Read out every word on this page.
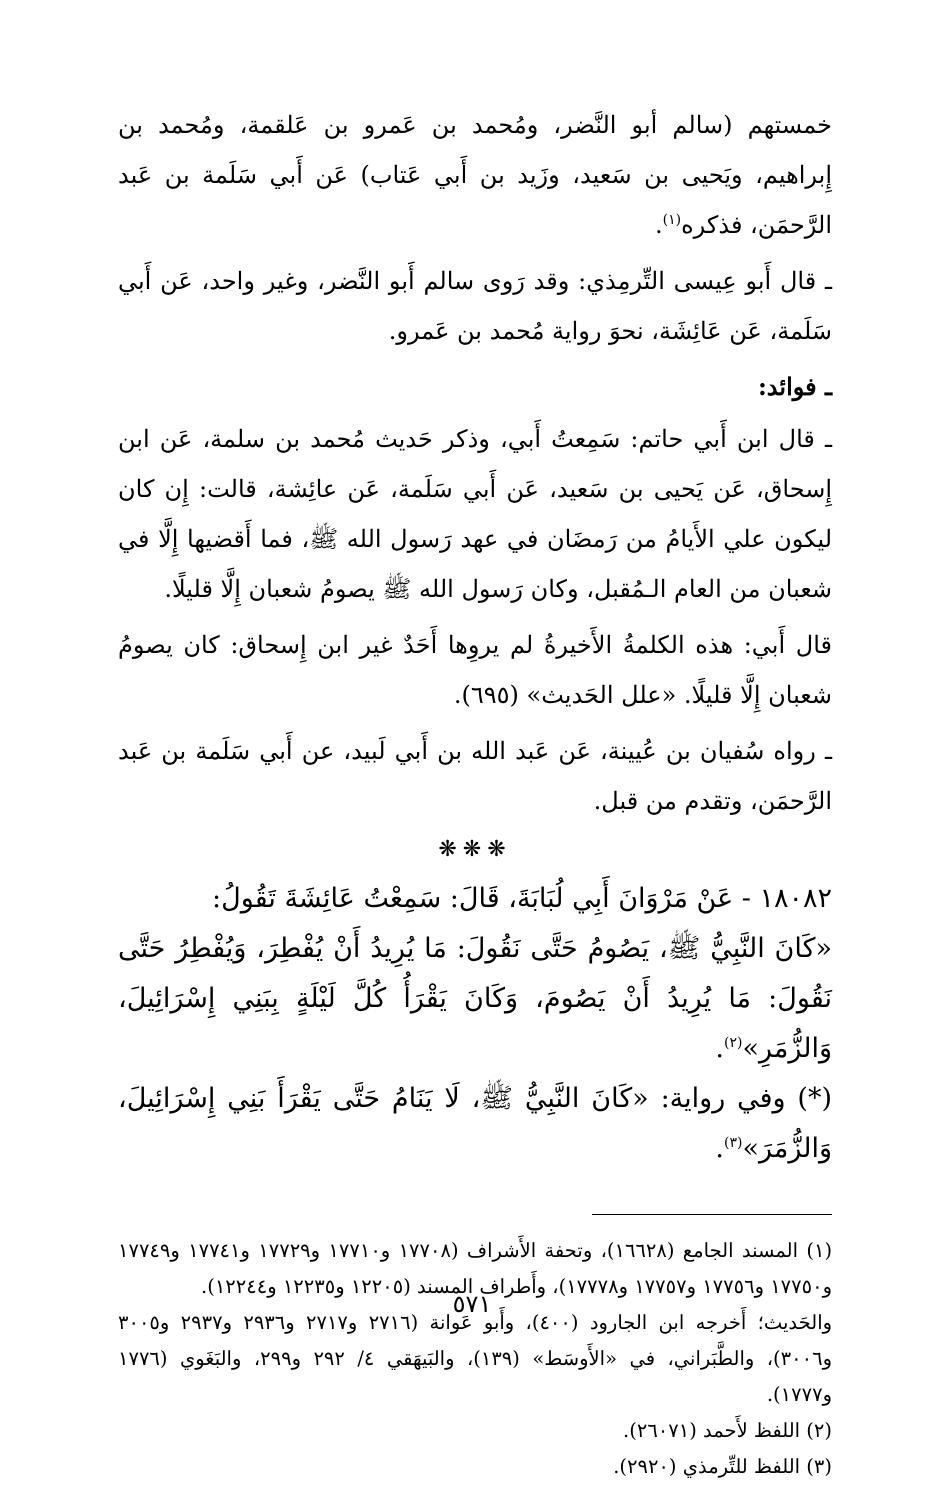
خمستهم (سالم أبو النَّضر، ومُحمد بن عَمرو بن عَلقمة، ومُحمد بن إِبراهيم، ويَحيى بن سَعيد، وزَيد بن أَبي عَتاب) عَن أَبي سَلَمة بن عَبد الرَّحمَن، فذكره$^{(١)}$.

ـ قال أَبو عِيسى التِّرمِذي: وقد رَوى سالم أَبو النَّضر، وغير واحد، عَن أَبي سَلَمة، عَن عَائِشَة، نحوَ رواية مُحمد بن عَمرو.

ـ فوائد:

ـ قال ابن أَبي حاتم: سَمِعتُ أَبي، وذكر حَديث مُحمد بن سلمة، عَن ابن إِسحاق، عَن يَحيى بن سَعيد، عَن أَبي سَلَمة، عَن عائِشة، قالت: إِن كان ليكون علي الأَيامُ من رَمضَان في عهد رَسول الله ﷺ، فما أَقضيها إِلَّا في شعبان من العام الـمُقبل، وكان رَسول الله ﷺ يصومُ شعبان إِلَّا قليلًا.

قال أَبي: هذه الكلمةُ الأَخيرةُ لم يروِها أَحَدٌ غير ابن إِسحاق: كان يصومُ شعبان إِلَّا قليلًا. «علل الحَديث» (٦٩٥).

ـ رواه سُفيان بن عُيينة، عَن عَبد الله بن أَبي لَبيد، عن أَبي سَلَمة بن عَبد الرَّحمَن، وتقدم من قبل.

❋❋❋

١٨٠٨٢ - عَنْ مَرْوَانَ أَبِي لُبَابَةَ، قَالَ: سَمِعْتُ عَائِشَةَ تَقُولُ:

«كَانَ النَّبِيُّ ﷺ، يَصُومُ حَتَّى نَقُولَ: مَا يُرِيدُ أَنْ يُفْطِرَ، وَيُفْطِرُ حَتَّى نَقُولَ: مَا يُرِيدُ أَنْ يَصُومَ، وَكَانَ يَقْرَأُ كُلَّ لَيْلَةٍ بِبَنِي إِسْرَائِيلَ، وَالزُّمَرِ»$^{(٢)}$.

(*) وفي رواية: «كَانَ النَّبِيُّ ﷺ، لَا يَنَامُ حَتَّى يَقْرَأَ بَنِي إِسْرَائِيلَ، وَالزُّمَرَ»$^{(٣)}$.

(١) المسند الجامع (١٦٦٢٨)، وتحفة الأَشراف (١٧٧٠٨ و١٧٧١٠ و١٧٧٢٩ و١٧٧٤١ و١٧٧٤٩ و١٧٧٥٠ و١٧٧٥٦ و١٧٧٥٧ و١٧٧٧٨)، وأَطراف المسند (١٢٢٠٥ و١٢٢٣٥ و١٢٢٤٤).

والحَديث؛ أَخرجه ابن الجارود (٤٠٠)، وأَبو عَوانة (٢٧١٦ و٢٧١٧ و٢٩٣٦ و٢٩٣٧ و٣٠٠٥ و٣٠٠٦)، والطَّبَراني، في «الأَوسَط» (١٣٩)، والبَيهَقي ٤/ ٢٩٢ و٢٩٩، والبَغَوي (١٧٧٦ و١٧٧٧).

(٢) اللفظ لأَحمد (٢٦٠٧١).

(٣) اللفظ للتِّرمذي (٢٩٢٠).

٥٧١
